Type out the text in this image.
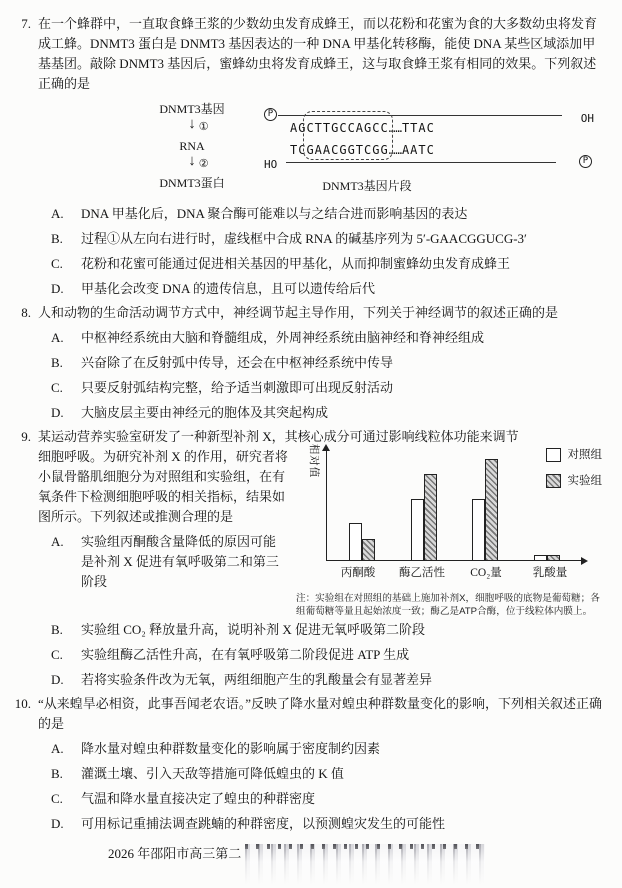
7. 在一个蜂群中，一直取食蜂王浆的少数幼虫发育成蜂王，而以花粉和花蜜为食的大多数幼虫将发育成工蜂。DNMT3 蛋白是 DNMT3 基因表达的一种 DNA 甲基化转移酶，能使 DNA 某些区域添加甲基基团。敲除 DNMT3 基因后，蜜蜂幼虫将发育成蜂王，这与取食蜂王浆有相同的效果。下列叙述正确的是
DNMT3基因
↓ ①
RNA
↓ ②
DNMT3蛋白
P	OH
AGCTTGCCAGCC……TTAC
TCGAACGGTCGG……AATC
HO	P
DNMT3基因片段
A.	DNA 甲基化后，DNA 聚合酶可能难以与之结合进而影响基因的表达
B.	过程①从左向右进行时，虚线框中合成 RNA 的碱基序列为 5′-GAACGGUCG-3′
C.	花粉和花蜜可能通过促进相关基因的甲基化，从而抑制蜜蜂幼虫发育成蜂王
D.	甲基化会改变 DNA 的遗传信息，且可以遗传给后代
8. 人和动物的生命活动调节方式中，神经调节起主导作用，下列关于神经调节的叙述正确的是
A.	中枢神经系统由大脑和脊髓组成，外周神经系统由脑神经和脊神经组成
B.	兴奋除了在反射弧中传导，还会在中枢神经系统中传导
C.	只要反射弧结构完整，给予适当刺激即可出现反射活动
D.	大脑皮层主要由神经元的胞体及其突起构成
9. 某运动营养实验室研发了一种新型补剂 X，其核心成分可通过影响线粒体功能来调节
相对值	对照组
实验组
丙酮酸	酶乙活性	CO₂量	乳酸量
注：实验组在对照组的基础上施加补剂X，细胞呼吸的底物是葡萄糖；各组葡萄糖等量且起始浓度一致；酶乙是ATP合酶，位于线粒体内膜上。
细胞呼吸。为研究补剂 X 的作用，研究者将小鼠骨骼肌细胞分为对照组和实验组，在有氧条件下检测细胞呼吸的相关指标，结果如图所示。下列叙述或推测合理的是
A.	实验组丙酮酸含量降低的原因可能是补剂 X 促进有氧呼吸第二和第三阶段
B.	实验组 CO₂ 释放量升高，说明补剂 X 促进无氧呼吸第二阶段
C.	实验组酶乙活性升高，在有氧呼吸第二阶段促进 ATP 生成
D.	若将实验条件改为无氧，两组细胞产生的乳酸量会有显著差异
10. “从来蝗旱必相资，此事吾闻老农语。”反映了降水量对蝗虫种群数量变化的影响，下列相关叙述正确的是
A.	降水量对蝗虫种群数量变化的影响属于密度制约因素
B.	灌溉土壤、引入天敌等措施可降低蝗虫的 K 值
C.	气温和降水量直接决定了蝗虫的种群密度
D.	可用标记重捕法调查跳蝻的种群密度，以预测蝗灾发生的可能性
2026 年邵阳市高三第二
